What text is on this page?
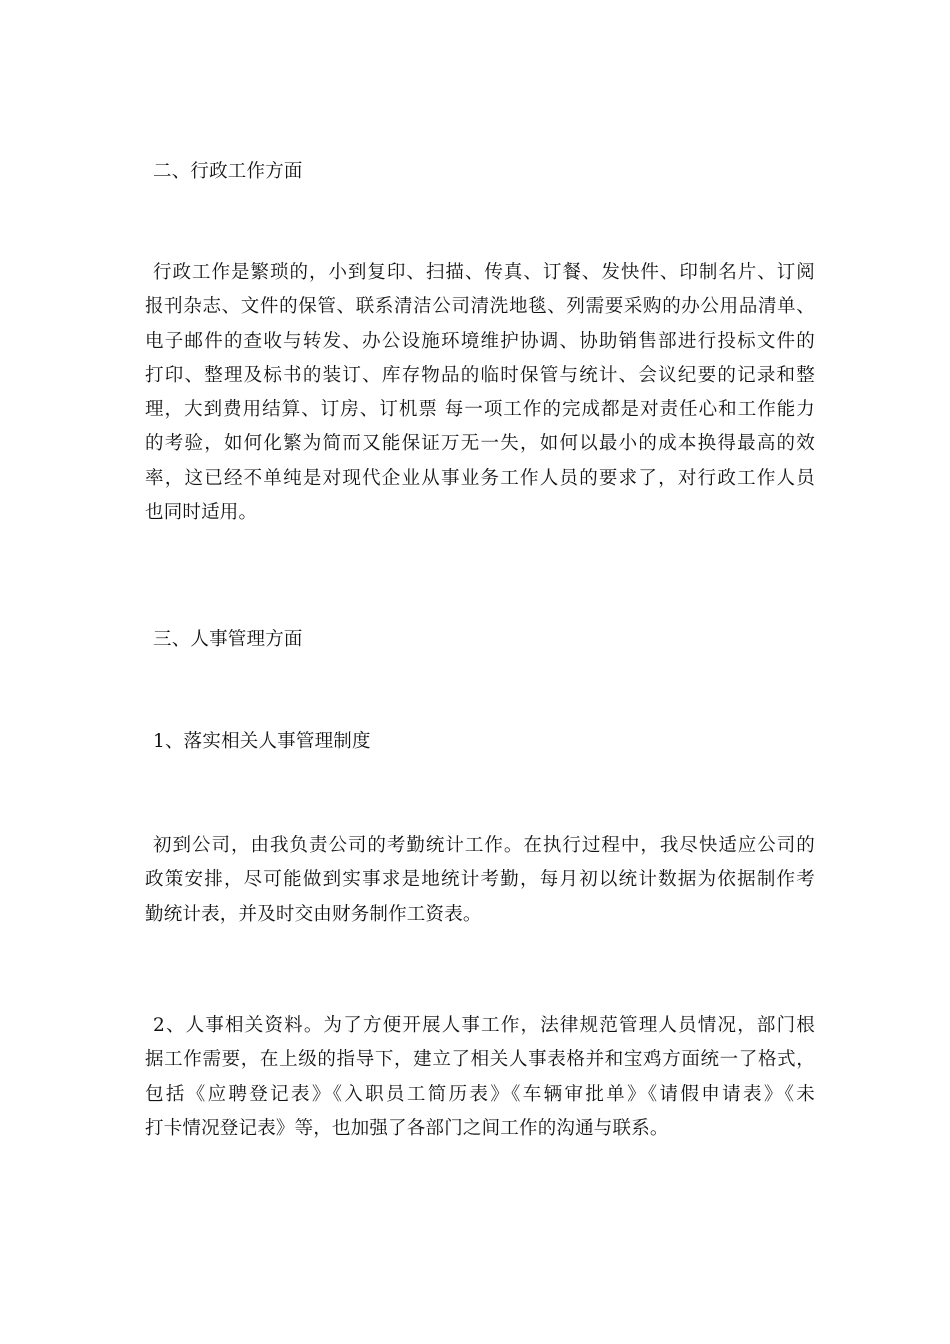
二、行政工作方面
行政工作是繁琐的，小到复印、扫描、传真、订餐、发快件、印制名片、订阅
报刊杂志、文件的保管、联系清洁公司清洗地毯、列需要采购的办公用品清单、
电子邮件的查收与转发、办公设施环境维护协调、协助销售部进行投标文件的
打印、整理及标书的装订、库存物品的临时保管与统计、会议纪要的记录和整
理，大到费用结算、订房、订机票 每一项工作的完成都是对责任心和工作能力
的考验，如何化繁为简而又能保证万无一失，如何以最小的成本换得最高的效
率，这已经不单纯是对现代企业从事业务工作人员的要求了，对行政工作人员
也同时适用。
三、人事管理方面
1、落实相关人事管理制度
初到公司，由我负责公司的考勤统计工作。在执行过程中，我尽快适应公司的
政策安排，尽可能做到实事求是地统计考勤，每月初以统计数据为依据制作考
勤统计表，并及时交由财务制作工资表。
2、人事相关资料。为了方便开展人事工作，法律规范管理人员情况，部门根
据工作需要，在上级的指导下，建立了相关人事表格并和宝鸡方面统一了格式，
包括《应聘登记表》《入职员工简历表》《车辆审批单》《请假申请表》《未
打卡情况登记表》等，也加强了各部门之间工作的沟通与联系。
